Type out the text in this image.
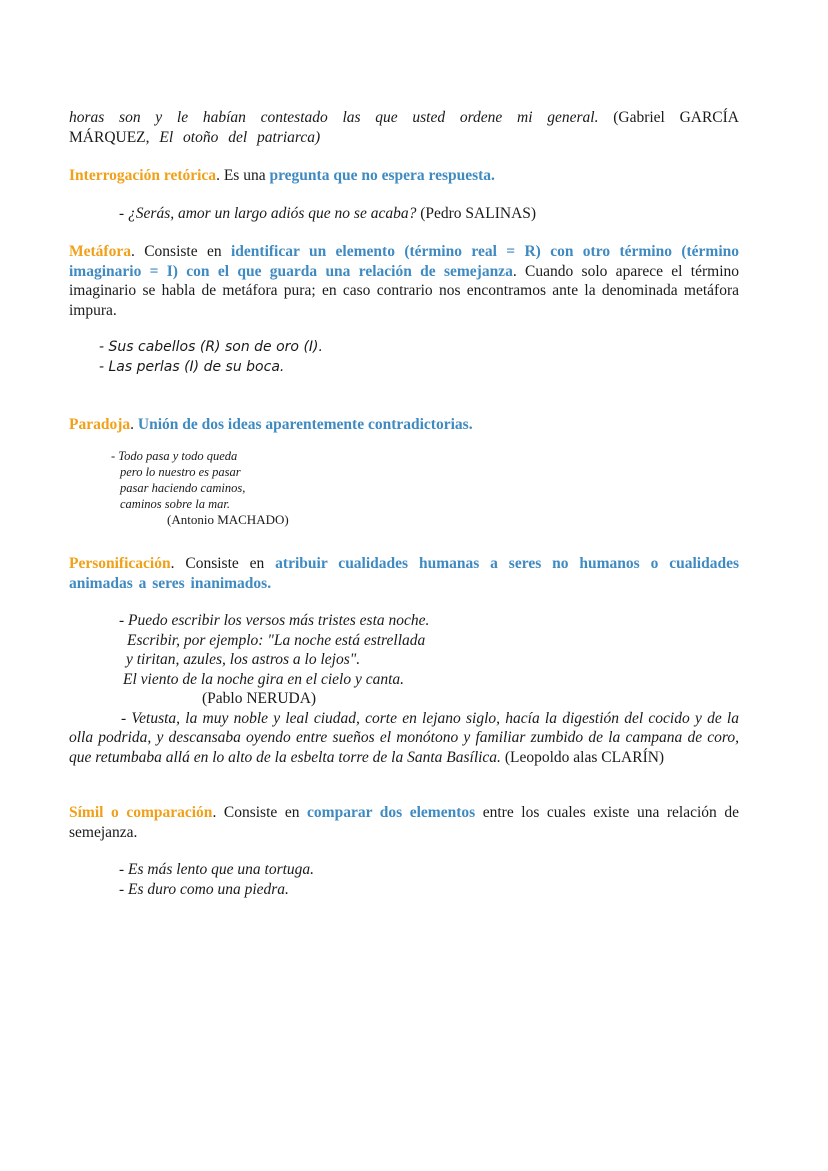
horas son y le habían contestado las que usted ordene mi general. (Gabriel GARCÍA MÁRQUEZ, El otoño del patriarca)

Interrogación retórica. Es una pregunta que no espera respuesta.

- ¿Serás, amor un largo adiós que no se acaba? (Pedro SALINAS)

Metáfora. Consiste en identificar un elemento (término real = R) con otro término (término imaginario = I) con el que guarda una relación de semejanza. Cuando solo aparece el término imaginario se habla de metáfora pura; en caso contrario nos encontramos ante la denominada metáfora impura.

- Sus cabellos (R) son de oro (I).

- Las perlas (I) de su boca.

Paradoja. Unión de dos ideas aparentemente contradictorias.

- Todo pasa y todo queda

pero lo nuestro es pasar

pasar haciendo caminos,

caminos sobre la mar.

(Antonio MACHADO)

Personificación. Consiste en atribuir cualidades humanas a seres no humanos o cualidades animadas a seres inanimados.

- Puedo escribir los versos más tristes esta noche.

Escribir, por ejemplo: "La noche está estrellada

y tiritan, azules, los astros a lo lejos".

El viento de la noche gira en el cielo y canta.

(Pablo NERUDA)

- Vetusta, la muy noble y leal ciudad, corte en lejano siglo, hacía la digestión del cocido y de la olla podrida, y descansaba oyendo entre sueños el monótono y familiar zumbido de la campana de coro, que retumbaba allá en lo alto de la esbelta torre de la Santa Basílica. (Leopoldo alas CLARÍN)

Símil o comparación. Consiste en comparar dos elementos entre los cuales existe una relación de semejanza.

- Es más lento que una tortuga.

- Es duro como una piedra.
